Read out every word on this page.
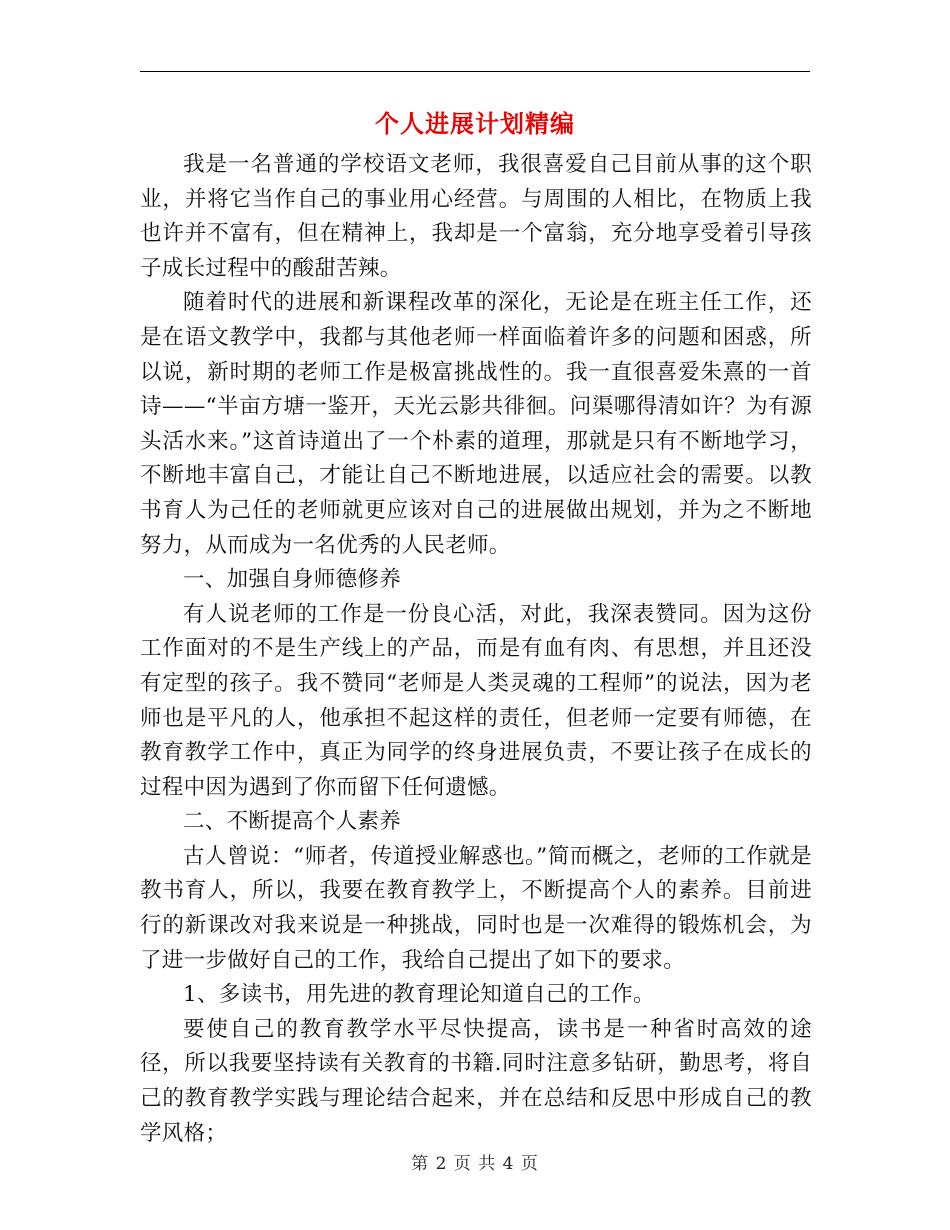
个人进展计划精编

我是一名普通的学校语文老师，我很喜爱自己目前从事的这个职业，并将它当作自己的事业用心经营。与周围的人相比，在物质上我也许并不富有，但在精神上，我却是一个富翁，充分地享受着引导孩子成长过程中的酸甜苦辣。

随着时代的进展和新课程改革的深化，无论是在班主任工作，还是在语文教学中，我都与其他老师一样面临着许多的问题和困惑，所以说，新时期的老师工作是极富挑战性的。我一直很喜爱朱熹的一首诗——“半亩方塘一鉴开，天光云影共徘徊。问渠哪得清如许？为有源头活水来。”这首诗道出了一个朴素的道理，那就是只有不断地学习，不断地丰富自己，才能让自己不断地进展，以适应社会的需要。以教书育人为己任的老师就更应该对自己的进展做出规划，并为之不断地努力，从而成为一名优秀的人民老师。

一、加强自身师德修养

有人说老师的工作是一份良心活，对此，我深表赞同。因为这份工作面对的不是生产线上的产品，而是有血有肉、有思想，并且还没有定型的孩子。我不赞同“老师是人类灵魂的工程师”的说法，因为老师也是平凡的人，他承担不起这样的责任，但老师一定要有师德，在教育教学工作中，真正为同学的终身进展负责，不要让孩子在成长的过程中因为遇到了你而留下任何遗憾。

二、不断提高个人素养

古人曾说：“师者，传道授业解惑也。”简而概之，老师的工作就是教书育人，所以，我要在教育教学上，不断提高个人的素养。目前进行的新课改对我来说是一种挑战，同时也是一次难得的锻炼机会，为了进一步做好自己的工作，我给自己提出了如下的要求。

1、多读书，用先进的教育理论知道自己的工作。

要使自己的教育教学水平尽快提高，读书是一种省时高效的途径，所以我要坚持读有关教育的书籍.同时注意多钻研，勤思考，将自己的教育教学实践与理论结合起来，并在总结和反思中形成自己的教学风格；

第 2 页 共 4 页
